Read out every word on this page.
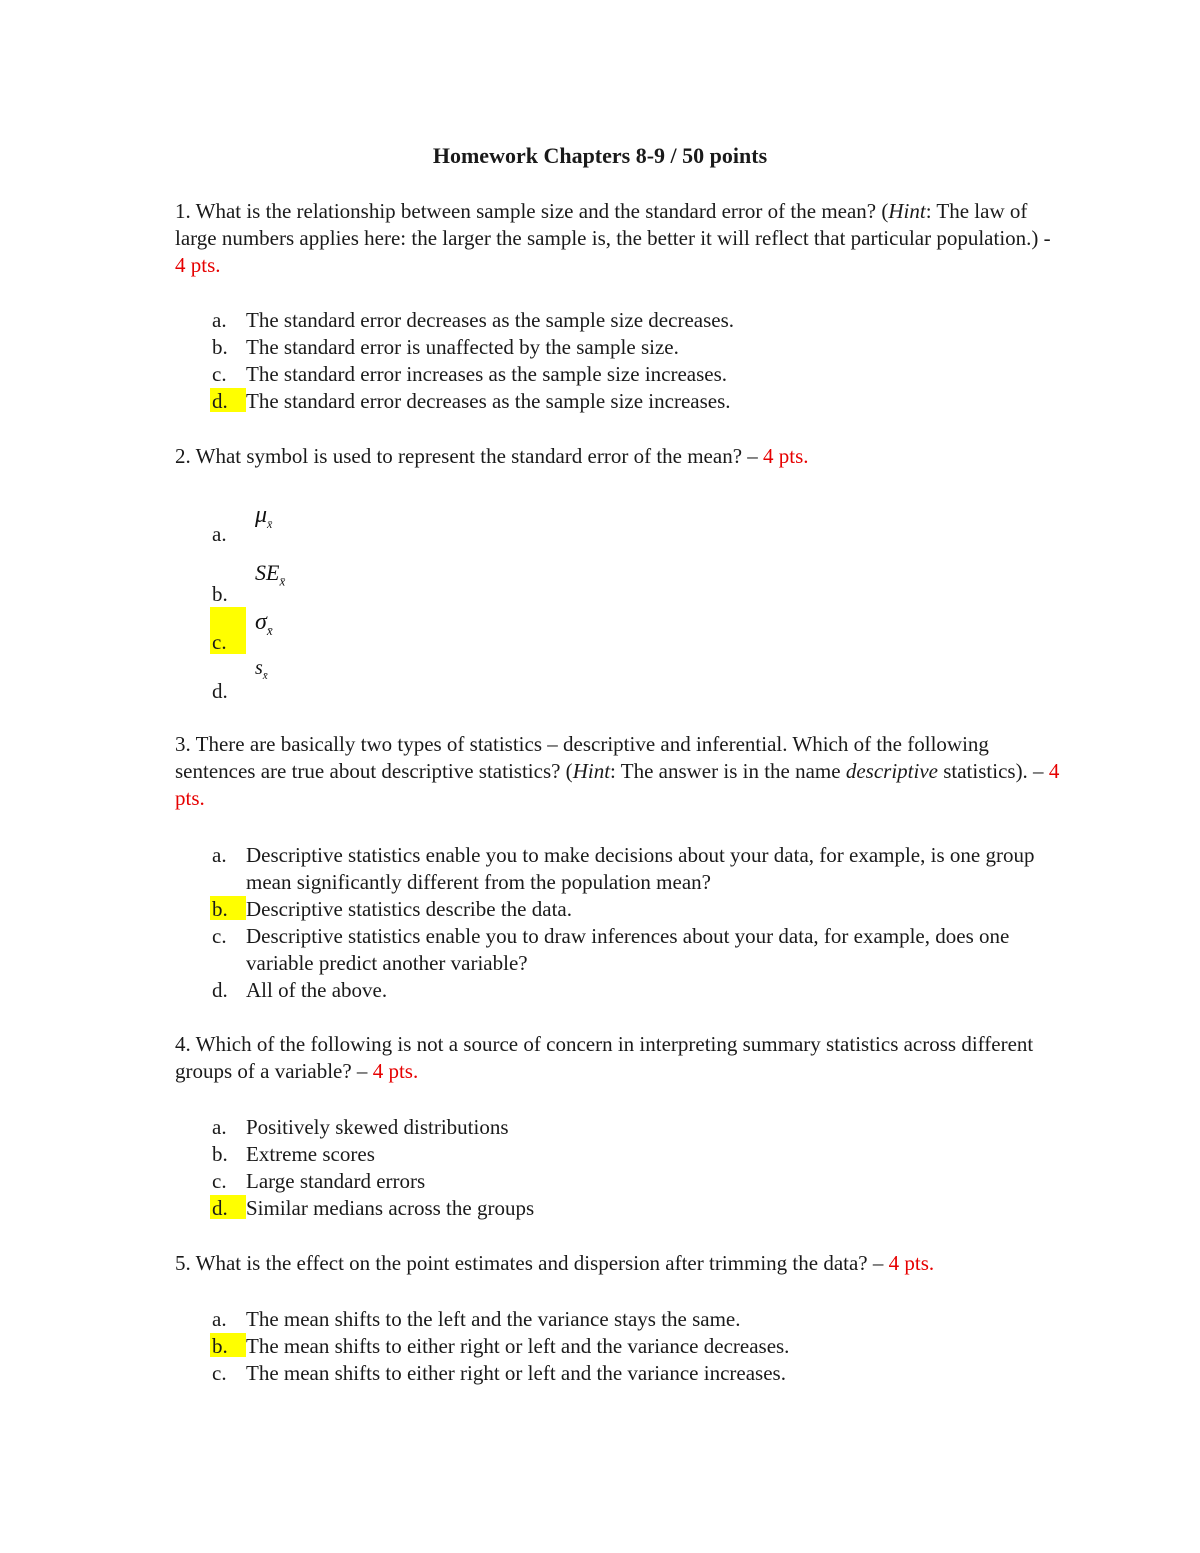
Homework Chapters 8-9 / 50 points

1. What is the relationship between sample size and the standard error of the mean? (Hint: The law of large numbers applies here: the larger the sample is, the better it will reflect that particular population.) - 4 pts.

a. The standard error decreases as the sample size decreases.
b. The standard error is unaffected by the sample size.
c. The standard error increases as the sample size increases.
d. The standard error decreases as the sample size increases.

2. What symbol is used to represent the standard error of the mean? – 4 pts.

a.
$\mu_{x̄}$
b.
$SE_{x̄}$
c.
$\sigma_{x̄}$
d.
$s_{x̄}$

3. There are basically two types of statistics – descriptive and inferential. Which of the following sentences are true about descriptive statistics? (Hint: The answer is in the name descriptive statistics). – 4 pts.

a. Descriptive statistics enable you to make decisions about your data, for example, is one group mean significantly different from the population mean?
b. Descriptive statistics describe the data.
c. Descriptive statistics enable you to draw inferences about your data, for example, does one variable predict another variable?
d. All of the above.

4. Which of the following is not a source of concern in interpreting summary statistics across different groups of a variable? – 4 pts.

a. Positively skewed distributions
b. Extreme scores
c. Large standard errors
d. Similar medians across the groups

5. What is the effect on the point estimates and dispersion after trimming the data? – 4 pts.

a. The mean shifts to the left and the variance stays the same.
b. The mean shifts to either right or left and the variance decreases.
c. The mean shifts to either right or left and the variance increases.
